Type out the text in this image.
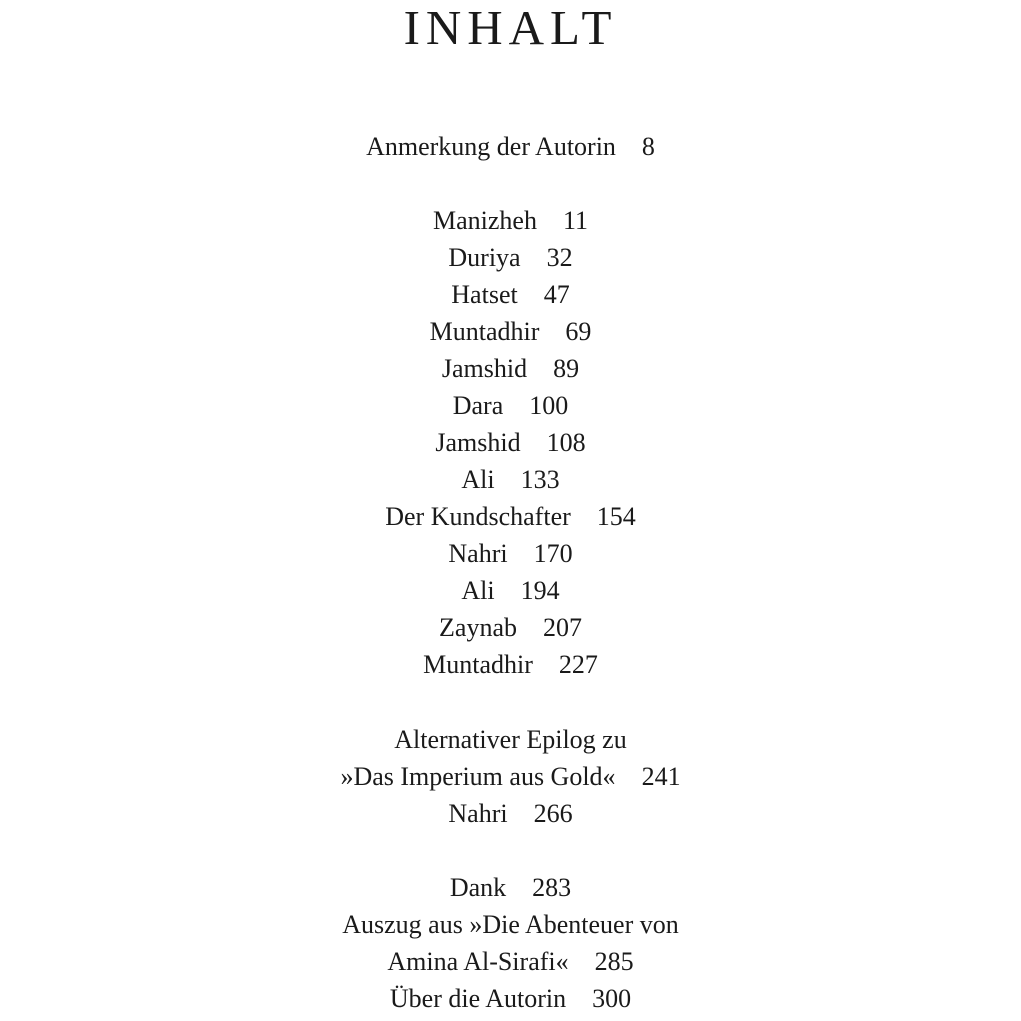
INHALT
Anmerkung der Autorin 8
Manizheh 11
Duriya 32
Hatset 47
Muntadhir 69
Jamshid 89
Dara 100
Jamshid 108
Ali 133
Der Kundschafter 154
Nahri 170
Ali 194
Zaynab 207
Muntadhir 227
Alternativer Epilog zu
»Das Imperium aus Gold« 241
Nahri 266
Dank 283
Auszug aus »Die Abenteuer von
Amina Al-Sirafi« 285
Über die Autorin 300
